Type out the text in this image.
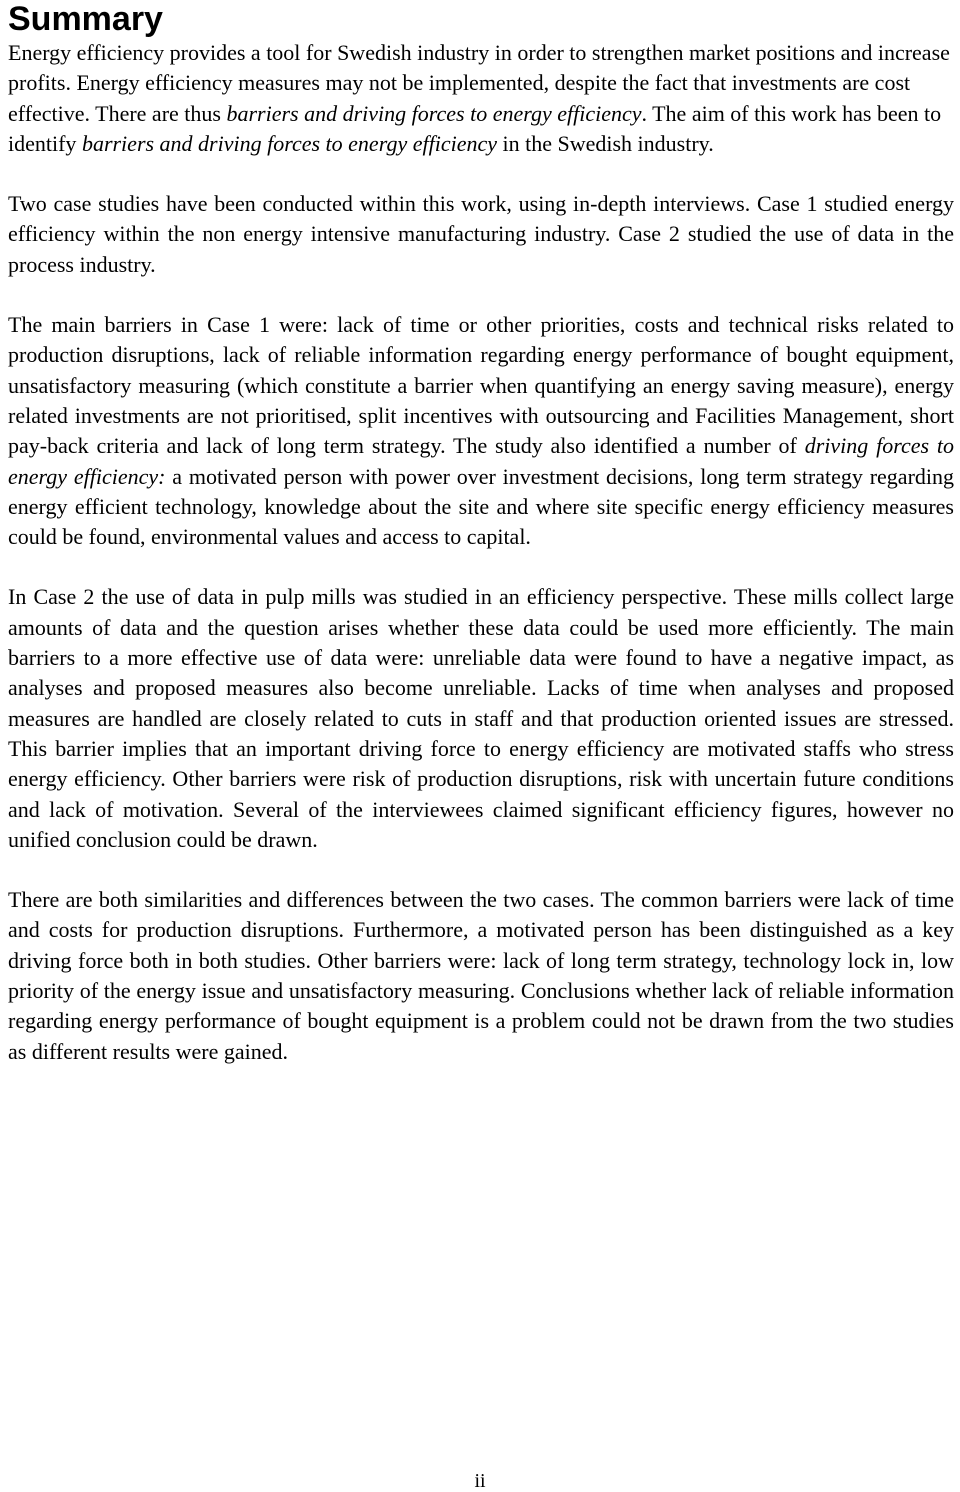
Summary

Energy efficiency provides a tool for Swedish industry in order to strengthen market positions and increase profits. Energy efficiency measures may not be implemented, despite the fact that investments are cost effective. There are thus barriers and driving forces to energy efficiency. The aim of this work has been to identify barriers and driving forces to energy efficiency in the Swedish industry.

Two case studies have been conducted within this work, using in-depth interviews. Case 1 studied energy efficiency within the non energy intensive manufacturing industry. Case 2 studied the use of data in the process industry.

The main barriers in Case 1 were: lack of time or other priorities, costs and technical risks related to production disruptions, lack of reliable information regarding energy performance of bought equipment, unsatisfactory measuring (which constitute a barrier when quantifying an energy saving measure), energy related investments are not prioritised, split incentives with outsourcing and Facilities Management, short pay-back criteria and lack of long term strategy. The study also identified a number of driving forces to energy efficiency: a motivated person with power over investment decisions, long term strategy regarding energy efficient technology, knowledge about the site and where site specific energy efficiency measures could be found, environmental values and access to capital.

In Case 2 the use of data in pulp mills was studied in an efficiency perspective. These mills collect large amounts of data and the question arises whether these data could be used more efficiently. The main barriers to a more effective use of data were: unreliable data were found to have a negative impact, as analyses and proposed measures also become unreliable. Lacks of time when analyses and proposed measures are handled are closely related to cuts in staff and that production oriented issues are stressed. This barrier implies that an important driving force to energy efficiency are motivated staffs who stress energy efficiency. Other barriers were risk of production disruptions, risk with uncertain future conditions and lack of motivation. Several of the interviewees claimed significant efficiency figures, however no unified conclusion could be drawn.

There are both similarities and differences between the two cases. The common barriers were lack of time and costs for production disruptions. Furthermore, a motivated person has been distinguished as a key driving force both in both studies. Other barriers were: lack of long term strategy, technology lock in, low priority of the energy issue and unsatisfactory measuring. Conclusions whether lack of reliable information regarding energy performance of bought equipment is a problem could not be drawn from the two studies as different results were gained.

ii
